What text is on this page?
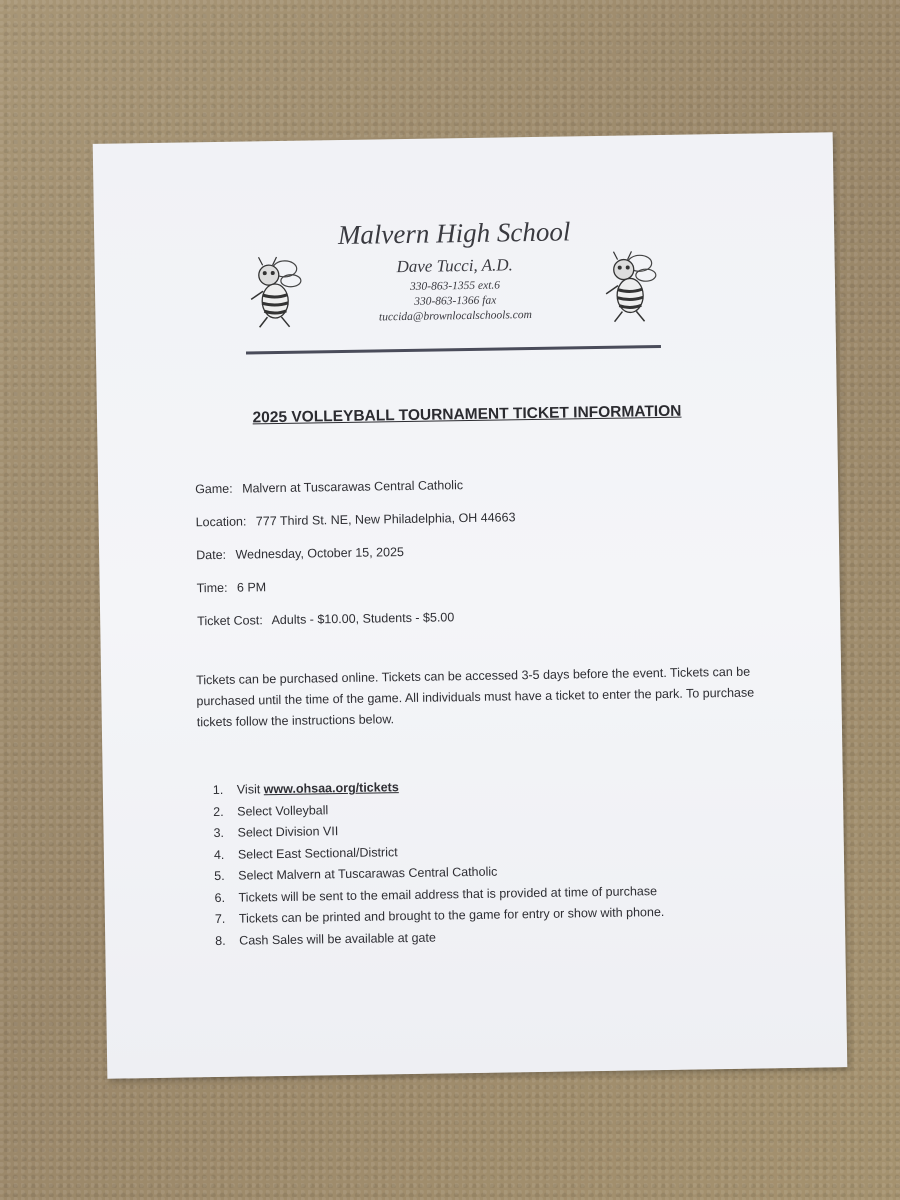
Malvern High School
Dave Tucci, A.D.
330-863-1355 ext.6
330-863-1366 fax
tuccida@brownlocalschools.com
2025 VOLLEYBALL TOURNAMENT TICKET INFORMATION
Game: Malvern at Tuscarawas Central Catholic
Location: 777 Third St. NE, New Philadelphia, OH 44663
Date: Wednesday, October 15, 2025
Time: 6 PM
Ticket Cost: Adults - $10.00, Students - $5.00
Tickets can be purchased online. Tickets can be accessed 3-5 days before the event. Tickets can be purchased until the time of the game. All individuals must have a ticket to enter the park. To purchase tickets follow the instructions below.
1. Visit www.ohsaa.org/tickets
2. Select Volleyball
3. Select Division VII
4. Select East Sectional/District
5. Select Malvern at Tuscarawas Central Catholic
6. Tickets will be sent to the email address that is provided at time of purchase
7. Tickets can be printed and brought to the game for entry or show with phone.
8. Cash Sales will be available at gate
